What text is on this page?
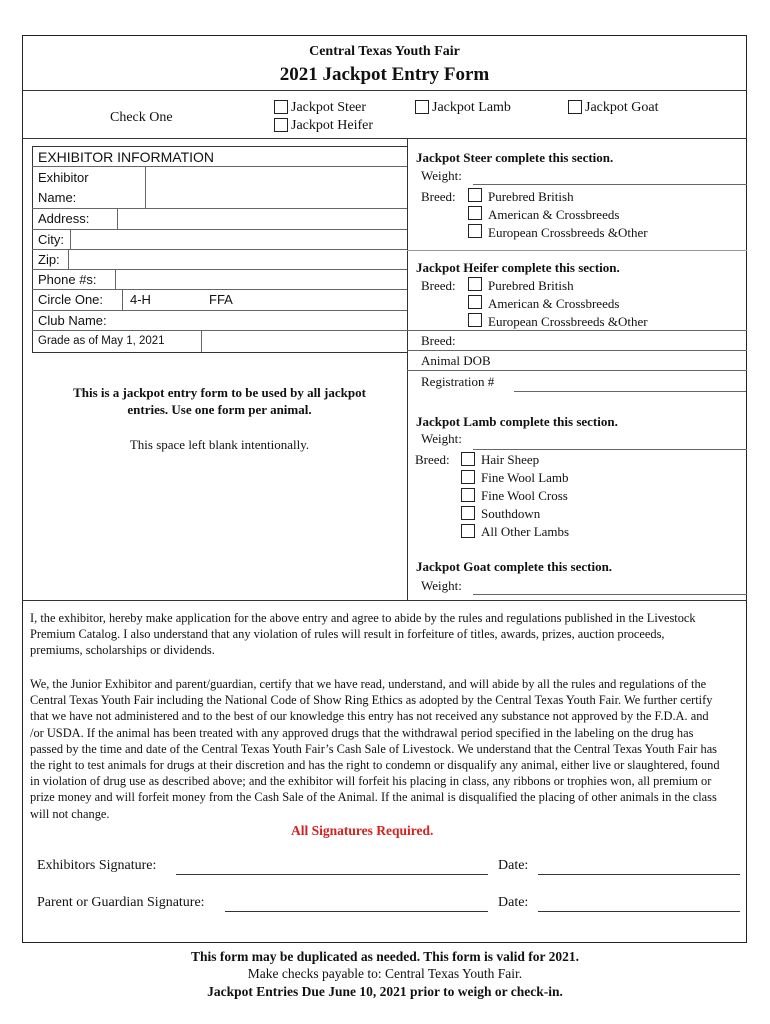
Central Texas Youth Fair
2021 Jackpot Entry Form
Check One
Jackpot Steer	Jackpot Lamb	Jackpot Goat
Jackpot Heifer
EXHIBITOR INFORMATION
Exhibitor
Name:
Address:
City:
Zip:
Phone #s:
Circle One: 4-H	FFA
Club Name:
Grade as of May 1, 2021
This is a jackpot entry form to be used by all jackpot
entries. Use one form per animal.
This space left blank intentionally.
Jackpot Steer complete this section.
Weight:
Breed: Purebred British
American & Crossbreeds
European Crossbreeds &Other
Jackpot Heifer complete this section.
Breed: Purebred British
American & Crossbreeds
European Crossbreeds &Other
Breed:
Animal DOB
Registration #
Jackpot Lamb complete this section.
Weight:
Breed: Hair Sheep
Fine Wool Lamb
Fine Wool Cross
Southdown
All Other Lambs
Jackpot Goat complete this section.
Weight:
I, the exhibitor, hereby make application for the above entry and agree to abide by the rules and regulations published in the Livestock Premium Catalog. I also understand that any violation of rules will result in forfeiture of titles, awards, prizes, auction proceeds, premiums, scholarships or dividends.
We, the Junior Exhibitor and parent/guardian, certify that we have read, understand, and will abide by all the rules and regulations of the Central Texas Youth Fair including the National Code of Show Ring Ethics as adopted by the Central Texas Youth Fair. We further certify that we have not administered and to the best of our knowledge this entry has not received any substance not approved by the F.D.A. and /or USDA. If the animal has been treated with any approved drugs that the withdrawal period specified in the labeling on the drug has passed by the time and date of the Central Texas Youth Fair’s Cash Sale of Livestock. We understand that the Central Texas Youth Fair has the right to test animals for drugs at their discretion and has the right to condemn or disqualify any animal, either live or slaughtered, found in violation of drug use as described above; and the exhibitor will forfeit his placing in class, any ribbons or trophies won, all premium or prize money and will forfeit money from the Cash Sale of the Animal. If the animal is disqualified the placing of other animals in the class will not change.
All Signatures Required.
Exhibitors Signature:	Date:
Parent or Guardian Signature:	Date:
This form may be duplicated as needed. This form is valid for 2021.
Make checks payable to: Central Texas Youth Fair.
Jackpot Entries Due June 10, 2021 prior to weigh or check-in.
